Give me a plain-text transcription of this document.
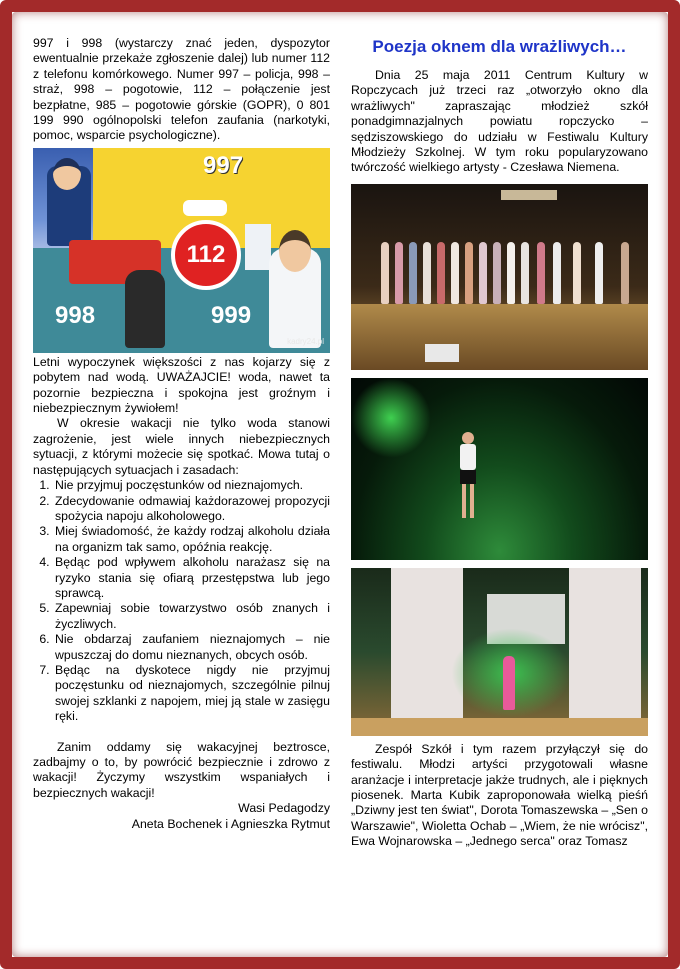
997 i 998 (wystarczy znać jeden, dyspozytor ewentualnie przekaże zgłoszenie dalej) lub numer 112 z telefonu komórkowego. Numer 997 – policja, 998 – straż, 998 – pogotowie, 112 – połączenie jest bezpłatne, 985 – pogotowie górskie (GOPR), 0 801 199 990 ogólnopolski telefon zaufania (narkotyki, pomoc, wsparcie psychologiczne).

997
112
998	999
kadry24.pl

Letni wypoczynek większości z nas kojarzy się z pobytem nad wodą. UWAŻAJCIE! woda, nawet ta pozornie bezpieczna i spokojna jest groźnym i niebezpiecznym żywiołem!

W okresie wakacji nie tylko woda stanowi zagrożenie, jest wiele innych niebezpiecznych sytuacji, z którymi możecie się spotkać. Mowa tutaj o następujących sytuacjach i zasadach:

1. Nie przyjmuj poczęstunków od nieznajomych.
2. Zdecydowanie odmawiaj każdorazowej propozycji spożycia napoju alkoholowego.
3. Miej świadomość, że każdy rodzaj alkoholu działa na organizm tak samo, opóźnia reakcję.
4. Będąc pod wpływem alkoholu narażasz się na ryzyko stania się ofiarą przestępstwa lub jego sprawcą.
5. Zapewniaj sobie towarzystwo osób znanych i życzliwych.
6. Nie obdarzaj zaufaniem nieznajomych – nie wpuszczaj do domu nieznanych, obcych osób.
7. Będąc na dyskotece nigdy nie przyjmuj poczęstunku od nieznajomych, szczególnie pilnuj swojej szklanki z napojem, miej ją stale w zasięgu ręki.

Zanim oddamy się wakacyjnej beztrosce, zadbajmy o to, by powrócić bezpiecznie i zdrowo z wakacji! Życzymy wszystkim wspaniałych i bezpiecznych wakacji!

Wasi Pedagodzy

Aneta Bochenek i Agnieszka Rytmut

Poezja oknem dla wrażliwych…

Dnia 25 maja 2011 Centrum Kultury w Ropczycach już trzeci raz „otworzyło okno dla wrażliwych" zapraszając młodzież szkół ponadgimnazjalnych powiatu ropczycko – sędziszowskiego do udziału w Festiwalu Kultury Młodzieży Szkolnej. W tym roku popularyzowano twórczość wielkiego artysty - Czesława Niemena.

Zespół Szkół i tym razem przyłączył się do festiwalu. Młodzi artyści przygotowali własne aranżacje i interpretacje jakże trudnych, ale i pięknych piosenek. Marta Kubik zaproponowała wielką pieśń „Dziwny jest ten świat", Dorota Tomaszewska – „Sen o Warszawie", Wioletta Ochab – „Wiem, że nie wrócisz", Ewa Wojnarowska – „Jednego serca" oraz Tomasz
